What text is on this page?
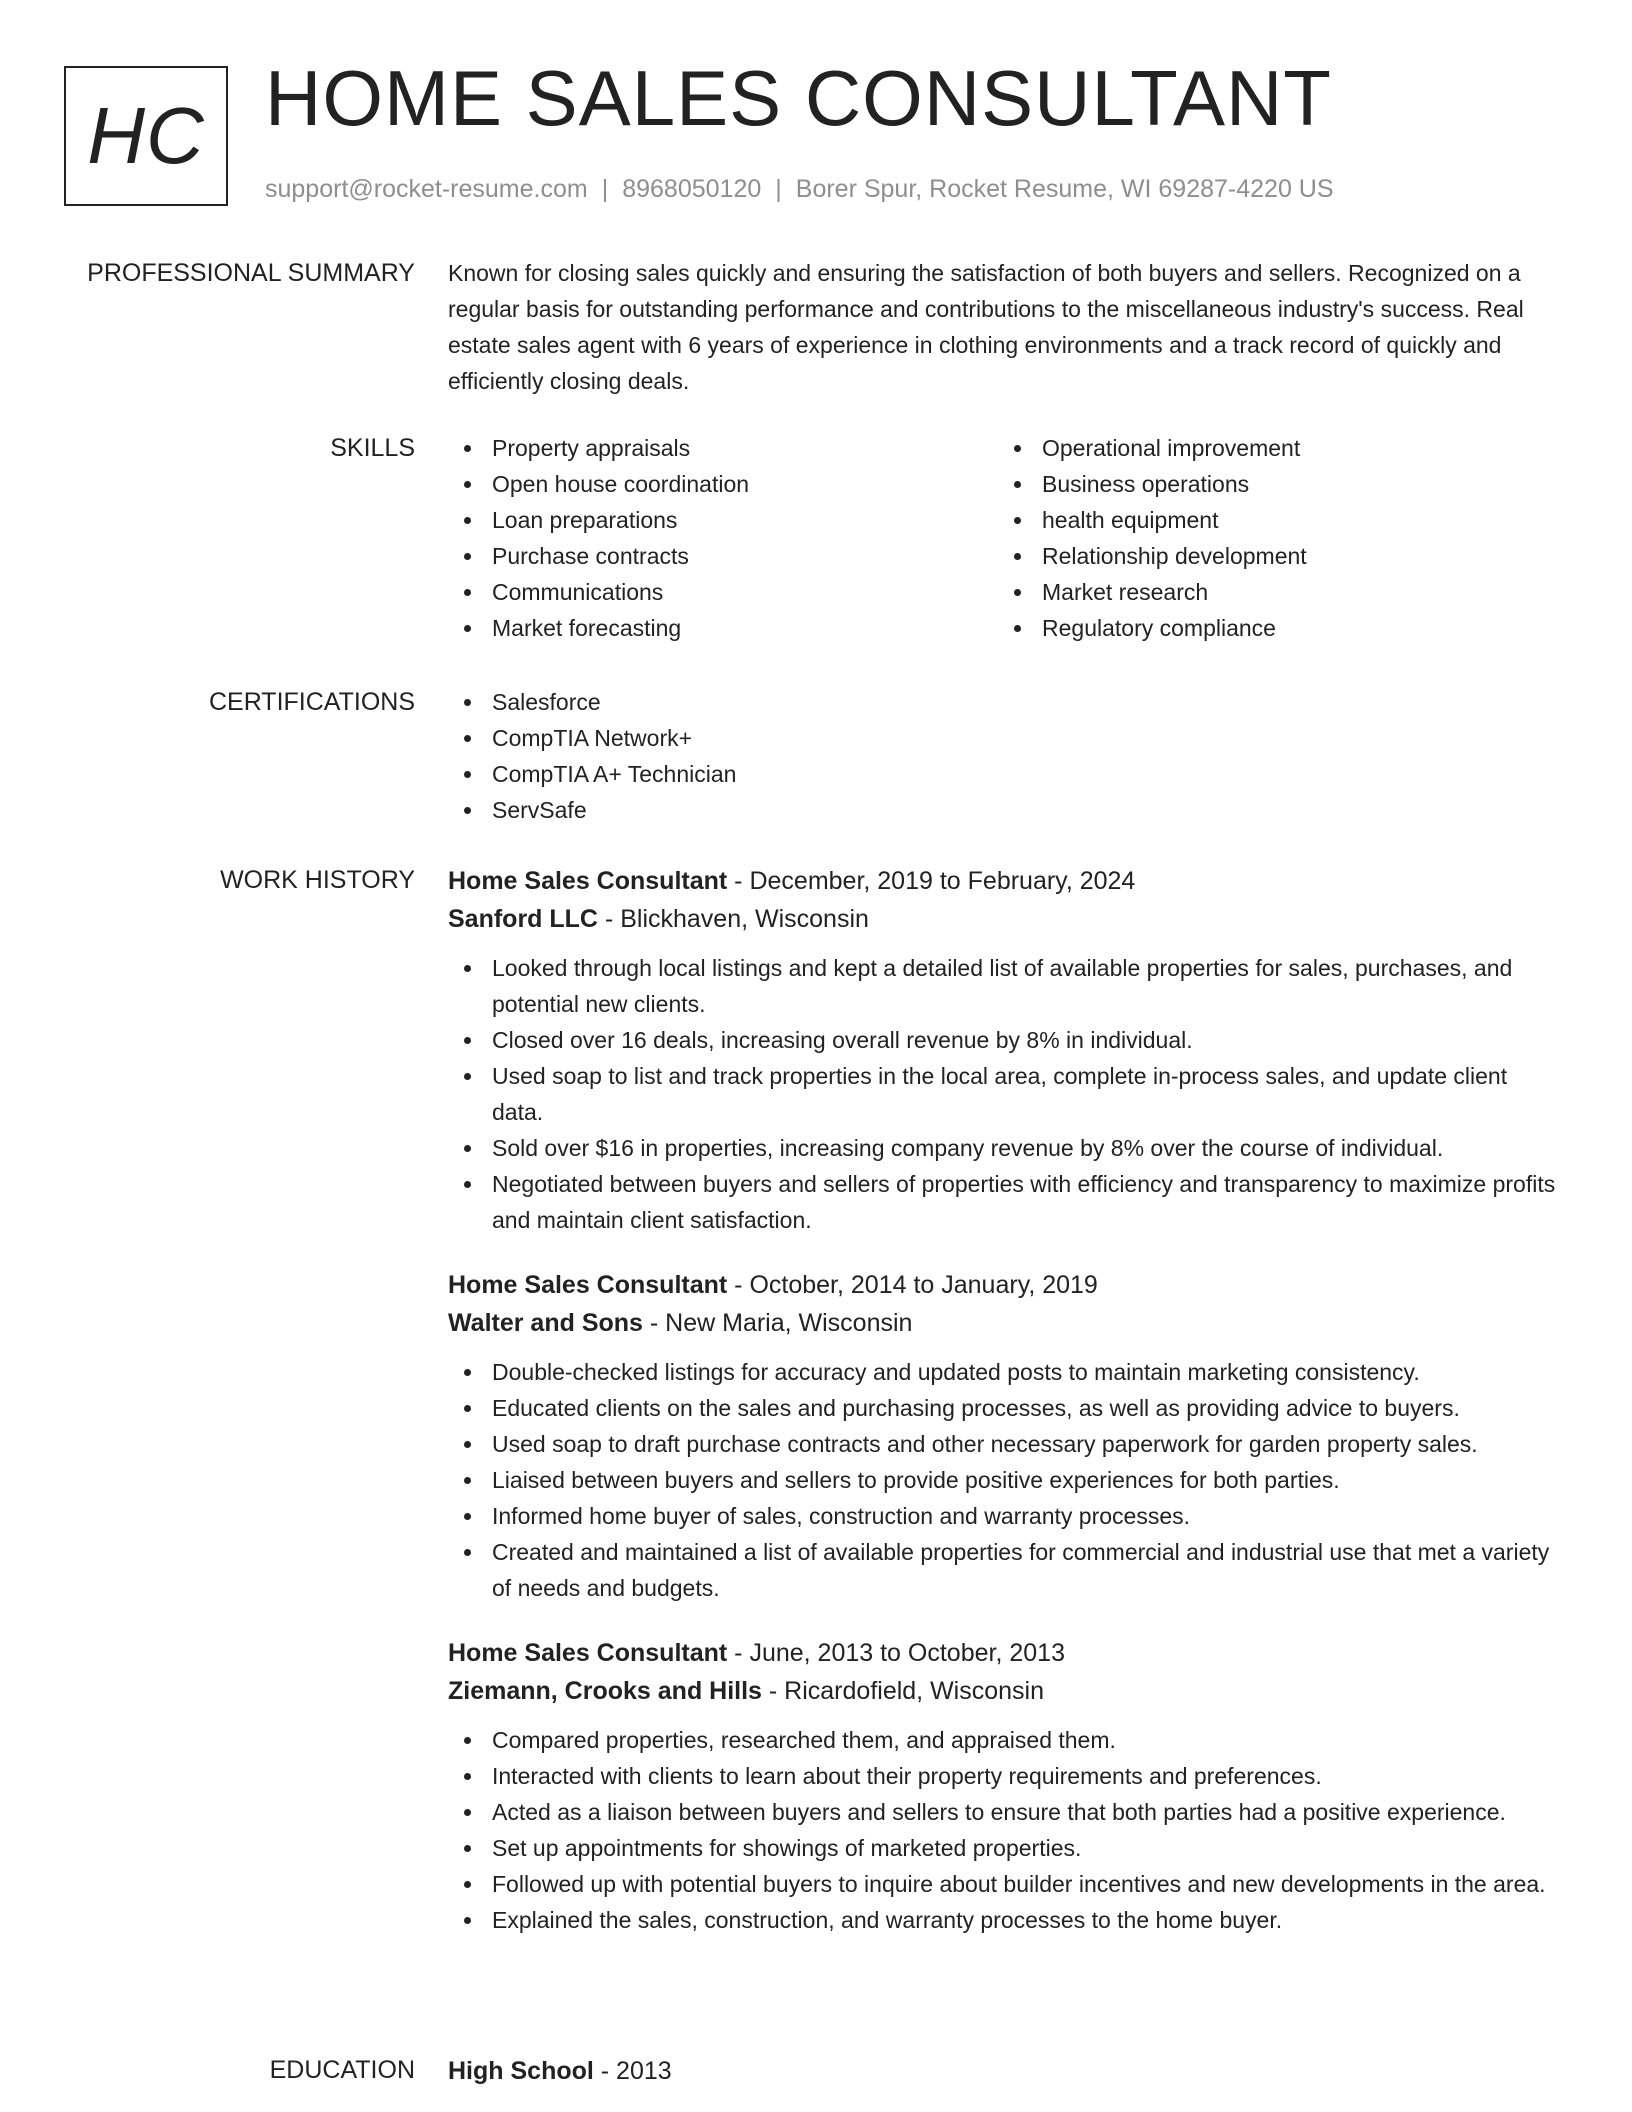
HC HOME SALES CONSULTANT
support@rocket-resume.com | 8968050120 | Borer Spur, Rocket Resume, WI 69287-4220 US
PROFESSIONAL SUMMARY Known for closing sales quickly and ensuring the satisfaction of both buyers and sellers. Recognized on a regular basis for outstanding performance and contributions to the miscellaneous industry's success. Real estate sales agent with 6 years of experience in clothing environments and a track record of quickly and efficiently closing deals.

SKILLS	Property appraisals
Open house coordination
Loan preparations
Purchase contracts
Communications
Market forecasting
Operational improvement
Business operations
health equipment
Relationship development
Market research
Regulatory compliance
CERTIFICATIONS	Salesforce
CompTIA Network+
CompTIA A+ Technician
ServSafe
WORK HISTORY Home Sales Consultant - December, 2019 to February, 2024
Sanford LLC - Blickhaven, Wisconsin
Looked through local listings and kept a detailed list of available properties for sales, purchases, and potential new clients.
Closed over 16 deals, increasing overall revenue by 8% in individual.
Used soap to list and track properties in the local area, complete in-process sales, and update client data.
Sold over $16 in properties, increasing company revenue by 8% over the course of individual.
Negotiated between buyers and sellers of properties with efficiency and transparency to maximize profits and maintain client satisfaction.
Home Sales Consultant - October, 2014 to January, 2019
Walter and Sons - New Maria, Wisconsin
Double-checked listings for accuracy and updated posts to maintain marketing consistency.
Educated clients on the sales and purchasing processes, as well as providing advice to buyers.
Used soap to draft purchase contracts and other necessary paperwork for garden property sales.
Liaised between buyers and sellers to provide positive experiences for both parties.
Informed home buyer of sales, construction and warranty processes.
Created and maintained a list of available properties for commercial and industrial use that met a variety of needs and budgets.
Home Sales Consultant - June, 2013 to October, 2013
Ziemann, Crooks and Hills - Ricardofield, Wisconsin
Compared properties, researched them, and appraised them.
Interacted with clients to learn about their property requirements and preferences.
Acted as a liaison between buyers and sellers to ensure that both parties had a positive experience.
Set up appointments for showings of marketed properties.
Followed up with potential buyers to inquire about builder incentives and new developments in the area.
Explained the sales, construction, and warranty processes to the home buyer.
EDUCATION High School - 2013
